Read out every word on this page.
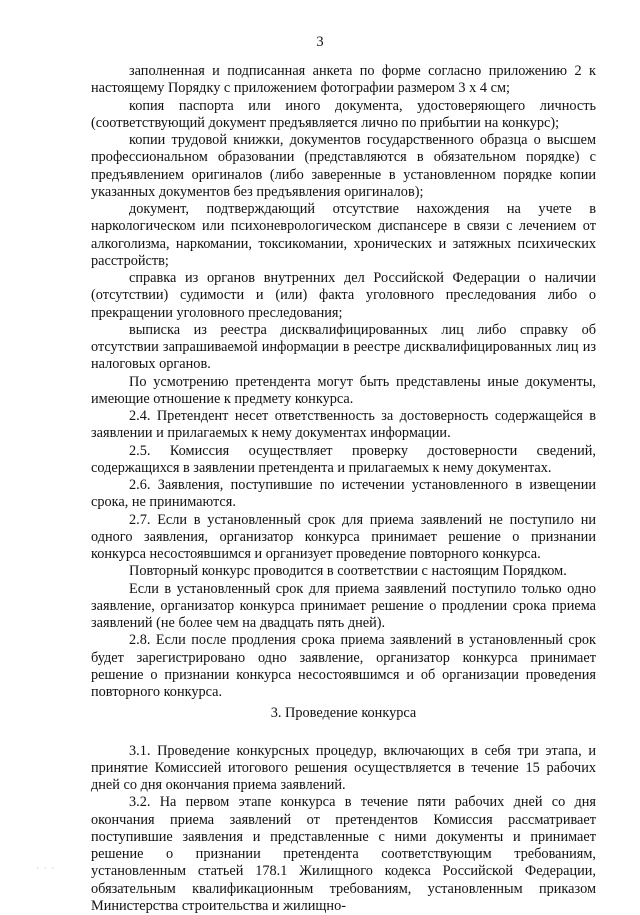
3

заполненная и подписанная анкета по форме согласно приложению 2 к настоящему Порядку с приложением фотографии размером 3 х 4 см;

копия паспорта или иного документа, удостоверяющего личность (соответствующий документ предъявляется лично по прибытии на конкурс);

копии трудовой книжки, документов государственного образца о высшем профессиональном образовании (представляются в обязательном порядке) с предъявлением оригиналов (либо заверенные в установленном порядке копии указанных документов без предъявления оригиналов);

документ, подтверждающий отсутствие нахождения на учете в наркологическом или психоневрологическом диспансере в связи с лечением от алкоголизма, наркомании, токсикомании, хронических и затяжных психических расстройств;

справка из органов внутренних дел Российской Федерации о наличии (отсутствии) судимости и (или) факта уголовного преследования либо о прекращении уголовного преследования;

выписка из реестра дисквалифицированных лиц либо справку об отсутствии запрашиваемой информации в реестре дисквалифицированных лиц из налоговых органов.

По усмотрению претендента могут быть представлены иные документы, имеющие отношение к предмету конкурса.

2.4. Претендент несет ответственность за достоверность содержащейся в заявлении и прилагаемых к нему документах информации.

2.5. Комиссия осуществляет проверку достоверности сведений, содержащихся в заявлении претендента и прилагаемых к нему документах.

2.6. Заявления, поступившие по истечении установленного в извещении срока, не принимаются.

2.7. Если в установленный срок для приема заявлений не поступило ни одного заявления, организатор конкурса принимает решение о признании конкурса несостоявшимся и организует проведение повторного конкурса.

Повторный конкурс проводится в соответствии с настоящим Порядком.

Если в установленный срок для приема заявлений поступило только одно заявление, организатор конкурса принимает решение о продлении срока приема заявлений (не более чем на двадцать пять дней).

2.8. Если после продления срока приема заявлений в установленный срок будет зарегистрировано одно заявление, организатор конкурса принимает решение о признании конкурса несостоявшимся и об организации проведения повторного конкурса.

3. Проведение конкурса

3.1. Проведение конкурсных процедур, включающих в себя три этапа, и принятие Комиссией итогового решения осуществляется в течение 15 рабочих дней со дня окончания приема заявлений.

3.2. На первом этапе конкурса в течение пяти рабочих дней со дня окончания приема заявлений от претендентов Комиссия рассматривает поступившие заявления и представленные с ними документы и принимает решение о признании претендента соответствующим требованиям, установленным статьей 178.1 Жилищного кодекса Российской Федерации, обязательным квалификационным требованиям, установленным приказом Министерства строительства и жилищно-

· · ·
